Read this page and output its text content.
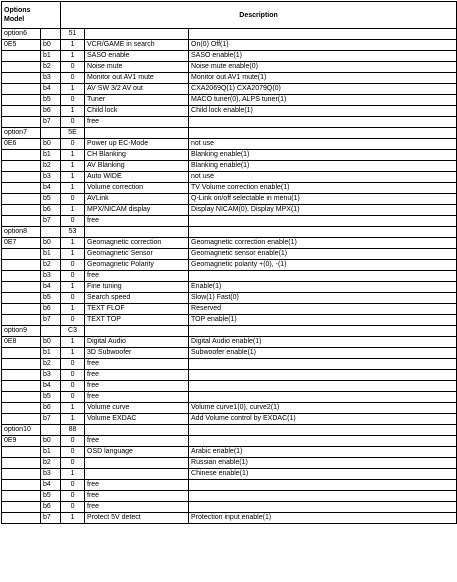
Options
Model		Description		
option6		51		
0E5	b0	1	VCR/GAME in search	On(0) Off(1)
	b1	1	SASO enable	SASO enable(1)
	b2	0	Noise mute	Noise mute enable(0)
	b3	0	Monitor out AV1 mute	Monitor out AV1 mute(1)
	b4	1	AV SW 3/2 AV out	CXA2069Q(1) CXA2079Q(0)
	b5	0	Tuner	MACO tuner(0), ALPS tuner(1)
	b6	1	Child lock	Child lock enable(1)
	b7	0	free	
option7		5E		
0E6	b0	0	Power up EC-Mode	not use
	b1	1	CH Blanking	Blanking enable(1)
	b2	1	AV Blanking	Blanking enable(1)
	b3	1	Auto WIDE	not use
	b4	1	Volume correction	TV Volume correction enable(1)
	b5	0	AVLink	Q-Link on/off selectable in menu(1)
	b6	1	MPX/NICAM display	Display NICAM(0), Display MPX(1)
	b7	0	free	
option8		53		
0E7	b0	1	Geomagnetic correction	Geomagnetic correction enable(1)
	b1	1	Geomagnetic Sensor	Geomagnetic sensor enable(1)
	b2	0	Geomagnetic Polarity	Geomagnetic polarity +(0), -(1)
	b3	0	free	
	b4	1	Fine tuning	Enable(1)
	b5	0	Search speed	Slow(1) Fast(0)
	b6	1	TEXT FLOF	Reserved
	b7	0	TEXT TOP	TOP enable(1)
option9		C3		
0E8	b0	1	Digital Audio	Digital Audio enable(1)
	b1	1	3D Subwoofer	Subwoofer enable(1)
	b2	0	free	
	b3	0	free	
	b4	0	free	
	b5	0	free	
	b6	1	Volume curve	Volume curve1(0), curve2(1)
	b7	1	Volume EXDAC	Add Volume control by EXDAC(1)
option10		88		
0E9	b0	0	free	
	b1	0	OSD language	Arabic enable(1)
	b2	0		Russian enable(1)
	b3	1		Chinese enable(1)
	b4	0	free	
	b5	0	free	
	b6	0	free	
	b7	1	Protect 5V detect	Protection input enable(1)
